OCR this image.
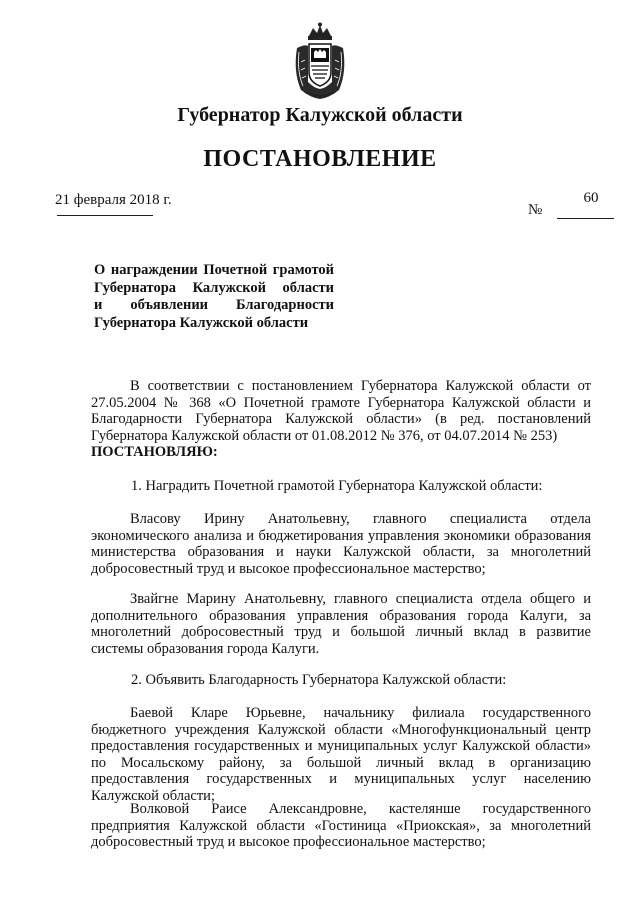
Губернатор Калужской области
ПОСТАНОВЛЕНИЕ
21 февраля 2018 г.	60
№
О награждении Почетной грамотой
Губернатора Калужской области
и объявлении Благодарности
Губернатора Калужской области
В соответствии с постановлением Губернатора Калужской области от 27.05.2004 № 368 «О Почетной грамоте Губернатора Калужской области и Благодарности Губернатора Калужской области» (в ред. постановлений Губернатора Калужской области от 01.08.2012 № 376, от 04.07.2014 № 253)
ПОСТАНОВЛЯЮ:
1. Наградить Почетной грамотой Губернатора Калужской области:
Власову Ирину Анатольевну, главного специалиста отдела экономического анализа и бюджетирования управления экономики образования министерства образования и науки Калужской области, за многолетний добросовестный труд и высокое профессиональное мастерство;
Звайгне Марину Анатольевну, главного специалиста отдела общего и дополнительного образования управления образования города Калуги, за многолетний добросовестный труд и большой личный вклад в развитие системы образования города Калуги.
2. Объявить Благодарность Губернатора Калужской области:
Баевой Кларе Юрьевне, начальнику филиала государственного бюджетного учреждения Калужской области «Многофункциональный центр предоставления государственных и муниципальных услуг Калужской области» по Мосальскому району, за большой личный вклад в организацию предоставления государственных и муниципальных услуг населению Калужской области;
Волковой Раисе Александровне, кастелянше государственного предприятия Калужской области «Гостиница «Приокская», за многолетний добросовестный труд и высокое профессиональное мастерство;
